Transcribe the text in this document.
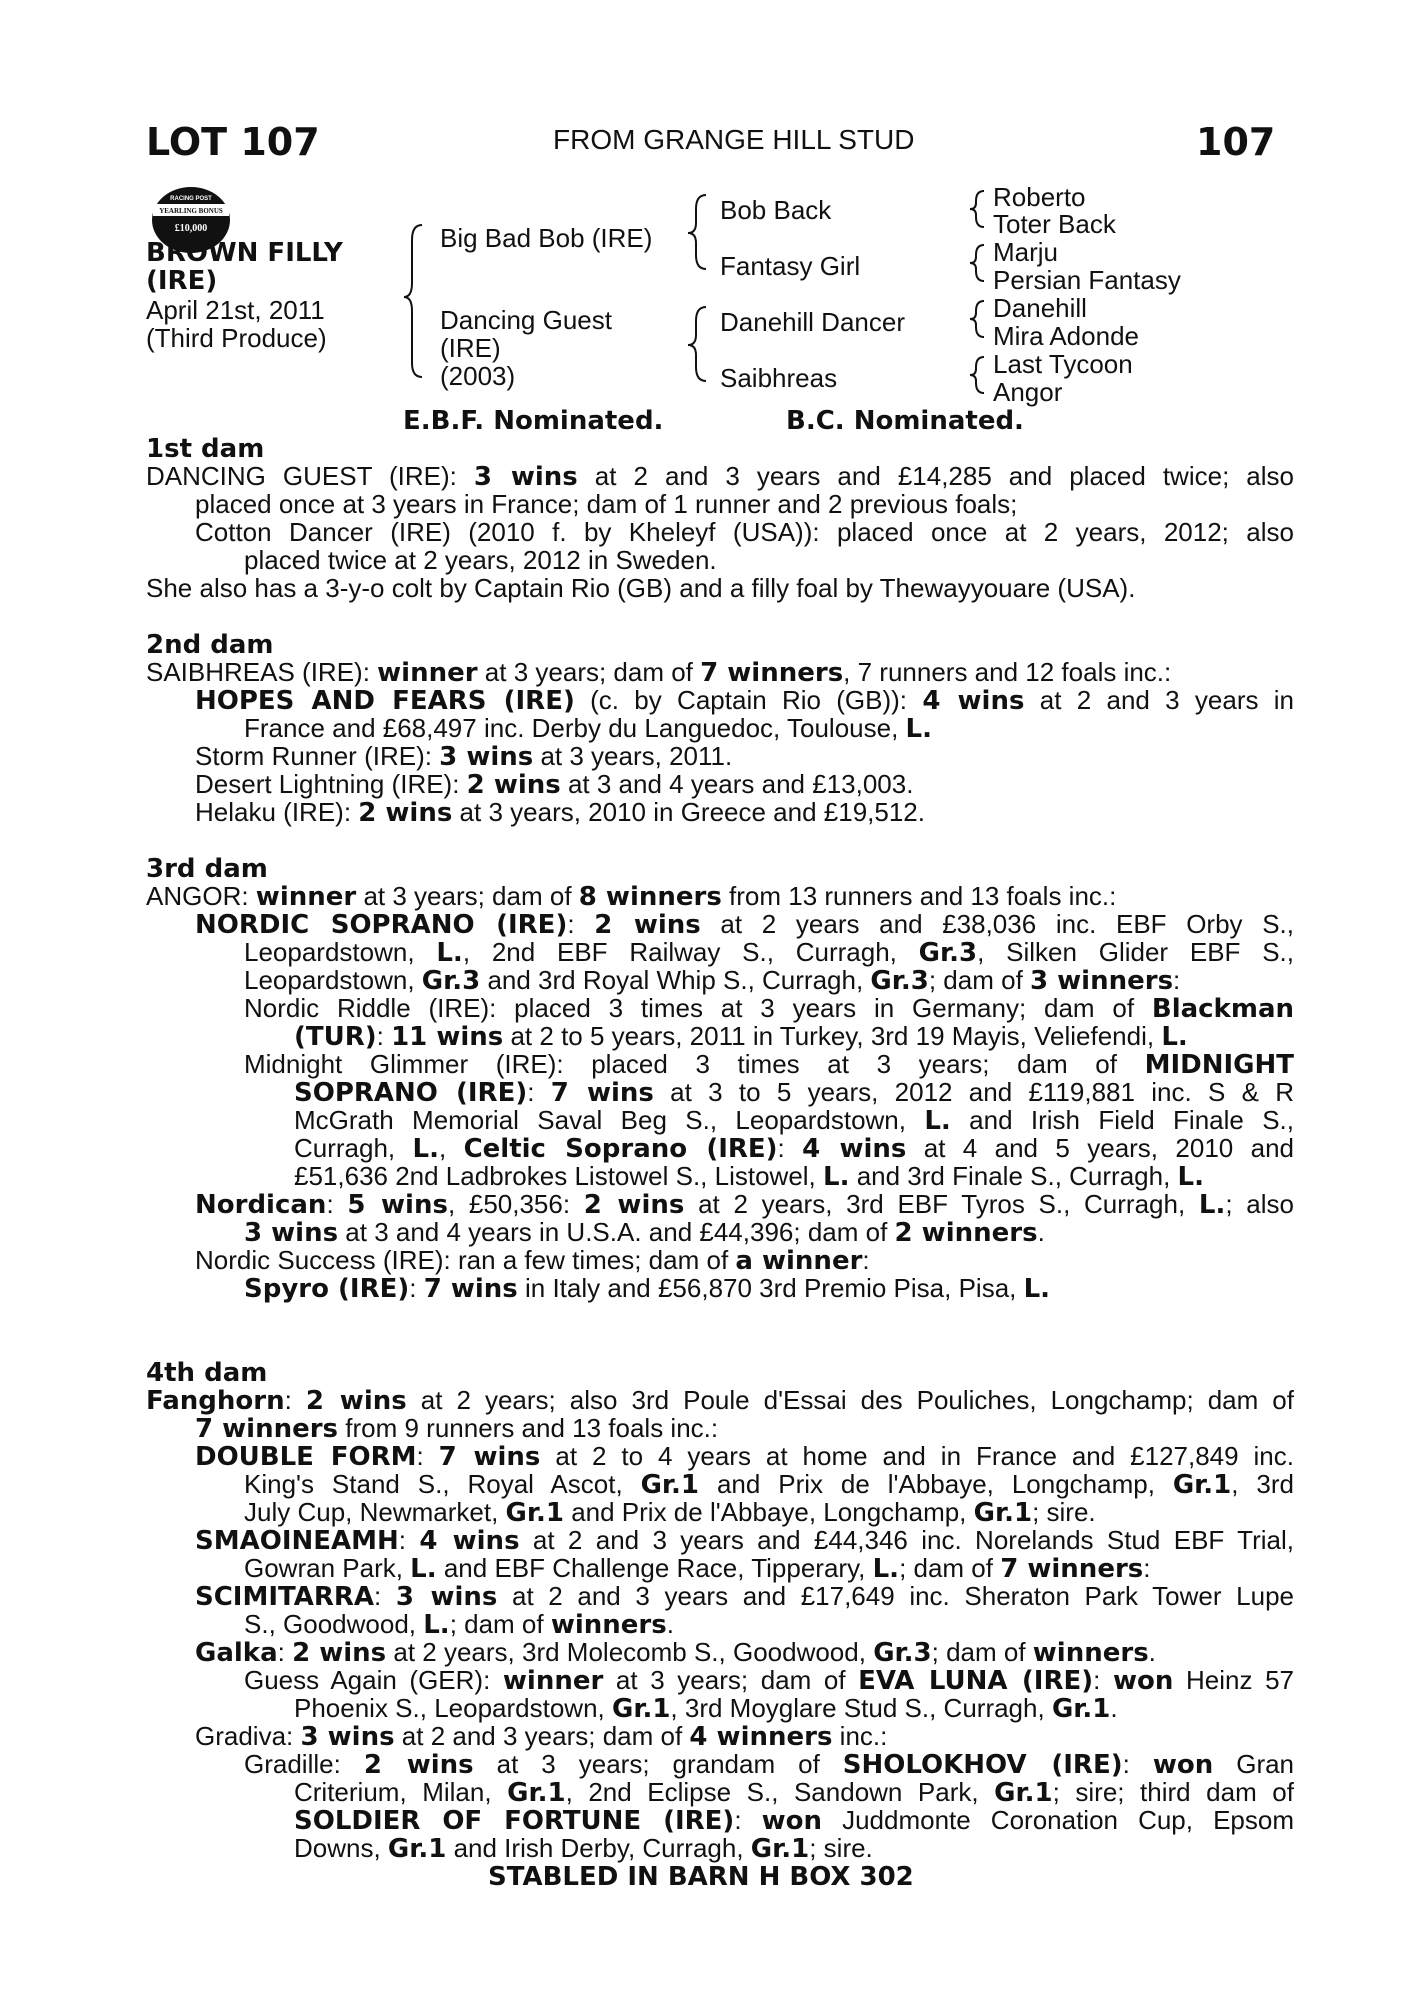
LOT 107	FROM GRANGE HILL STUD	107
RACING POST
YEARLING BONUS
£10,000
BROWN FILLY
(IRE)
April 21st, 2011
(Third Produce)
Big Bad Bob (IRE)
Dancing Guest
(IRE)
(2003)
Bob Back
Fantasy Girl
Danehill Dancer
Saibhreas
Roberto
Toter Back
Marju
Persian Fantasy
Danehill
Mira Adonde
Last Tycoon
Angor
E.B.F. Nominated.	B.C. Nominated.
1st dam
DANCING GUEST (IRE): 3 wins at 2 and 3 years and £14,285 and placed twice; also
placed once at 3 years in France; dam of 1 runner and 2 previous foals;
Cotton Dancer (IRE) (2010 f. by Kheleyf (USA)): placed once at 2 years, 2012; also
placed twice at 2 years, 2012 in Sweden.
She also has a 3-y-o colt by Captain Rio (GB) and a filly foal by Thewayyouare (USA).
2nd dam
SAIBHREAS (IRE): winner at 3 years; dam of 7 winners, 7 runners and 12 foals inc.:
HOPES AND FEARS (IRE) (c. by Captain Rio (GB)): 4 wins at 2 and 3 years in
France and £68,497 inc. Derby du Languedoc, Toulouse, L.
Storm Runner (IRE): 3 wins at 3 years, 2011.
Desert Lightning (IRE): 2 wins at 3 and 4 years and £13,003.
Helaku (IRE): 2 wins at 3 years, 2010 in Greece and £19,512.
3rd dam
ANGOR: winner at 3 years; dam of 8 winners from 13 runners and 13 foals inc.:
NORDIC SOPRANO (IRE): 2 wins at 2 years and £38,036 inc. EBF Orby S.,
Leopardstown, L., 2nd EBF Railway S., Curragh, Gr.3, Silken Glider EBF S.,
Leopardstown, Gr.3 and 3rd Royal Whip S., Curragh, Gr.3; dam of 3 winners:
Nordic Riddle (IRE): placed 3 times at 3 years in Germany; dam of Blackman
(TUR): 11 wins at 2 to 5 years, 2011 in Turkey, 3rd 19 Mayis, Veliefendi, L.
Midnight Glimmer (IRE): placed 3 times at 3 years; dam of MIDNIGHT
SOPRANO (IRE): 7 wins at 3 to 5 years, 2012 and £119,881 inc. S & R
McGrath Memorial Saval Beg S., Leopardstown, L. and Irish Field Finale S.,
Curragh, L., Celtic Soprano (IRE): 4 wins at 4 and 5 years, 2010 and
£51,636 2nd Ladbrokes Listowel S., Listowel, L. and 3rd Finale S., Curragh, L.
Nordican: 5 wins, £50,356: 2 wins at 2 years, 3rd EBF Tyros S., Curragh, L.; also
3 wins at 3 and 4 years in U.S.A. and £44,396; dam of 2 winners.
Nordic Success (IRE): ran a few times; dam of a winner:
Spyro (IRE): 7 wins in Italy and £56,870 3rd Premio Pisa, Pisa, L.
4th dam
Fanghorn: 2 wins at 2 years; also 3rd Poule d'Essai des Pouliches, Longchamp; dam of
7 winners from 9 runners and 13 foals inc.:
DOUBLE FORM: 7 wins at 2 to 4 years at home and in France and £127,849 inc.
King's Stand S., Royal Ascot, Gr.1 and Prix de l'Abbaye, Longchamp, Gr.1, 3rd
July Cup, Newmarket, Gr.1 and Prix de l'Abbaye, Longchamp, Gr.1; sire.
SMAOINEAMH: 4 wins at 2 and 3 years and £44,346 inc. Norelands Stud EBF Trial,
Gowran Park, L. and EBF Challenge Race, Tipperary, L.; dam of 7 winners:
SCIMITARRA: 3 wins at 2 and 3 years and £17,649 inc. Sheraton Park Tower Lupe
S., Goodwood, L.; dam of winners.
Galka: 2 wins at 2 years, 3rd Molecomb S., Goodwood, Gr.3; dam of winners.
Guess Again (GER): winner at 3 years; dam of EVA LUNA (IRE): won Heinz 57
Phoenix S., Leopardstown, Gr.1, 3rd Moyglare Stud S., Curragh, Gr.1.
Gradiva: 3 wins at 2 and 3 years; dam of 4 winners inc.:
Gradille: 2 wins at 3 years; grandam of SHOLOKHOV (IRE): won Gran
Criterium, Milan, Gr.1, 2nd Eclipse S., Sandown Park, Gr.1; sire; third dam of
SOLDIER OF FORTUNE (IRE): won Juddmonte Coronation Cup, Epsom
Downs, Gr.1 and Irish Derby, Curragh, Gr.1; sire.
STABLED IN BARN H BOX 302
